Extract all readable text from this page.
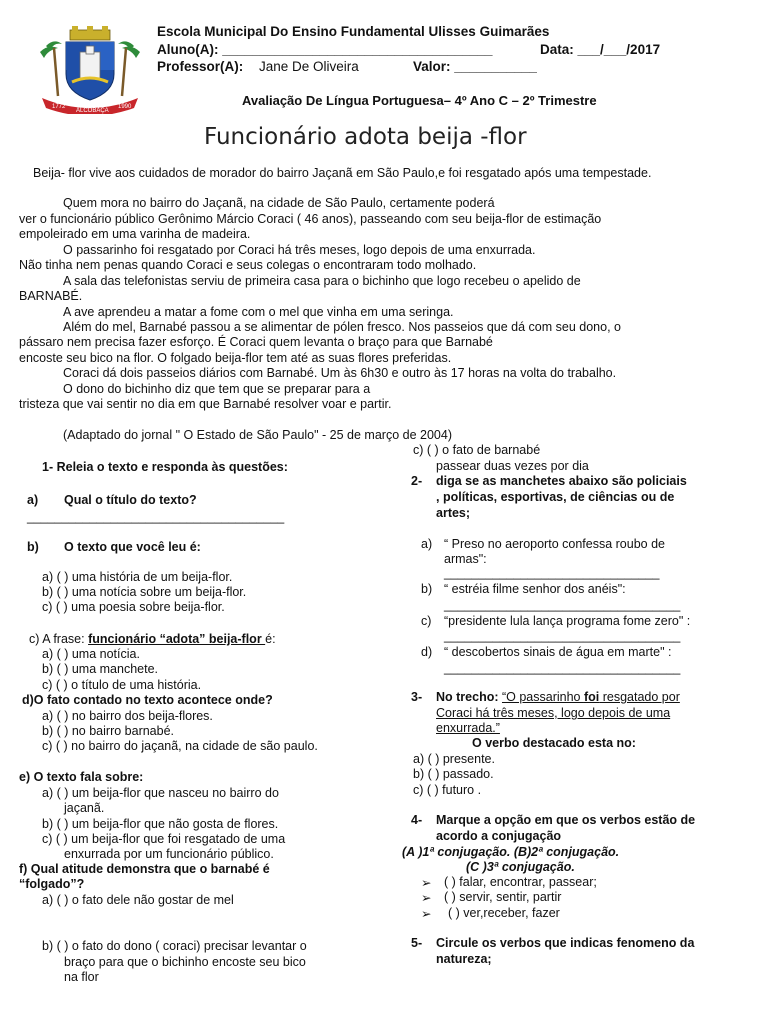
1772
ALCOBAÇA
1990
Escola Municipal Do Ensino Fundamental Ulisses Guimarães
Aluno(A): ____________________________________	Data: ___/___/2017
Professor(A): Jane De Oliveira	Valor: ___________
Avaliação De Língua Portuguesa– 4º Ano C – 2º Trimestre
Funcionário adota beija -flor
Beija- flor vive aos cuidados de morador do bairro Jaçanã em São Paulo,e foi resgatado após uma tempestade.
Quem mora no bairro do Jaçanã, na cidade de São Paulo, certamente poderá
ver o funcionário público Gerônimo Márcio Coraci ( 46 anos), passeando com seu beija-flor de estimação
empoleirado em uma varinha de madeira.
O passarinho foi resgatado por Coraci há três meses, logo depois de uma enxurrada.
Não tinha nem penas quando Coraci e seus colegas o encontraram todo molhado.
A sala das telefonistas serviu de primeira casa para o bichinho que logo recebeu o apelido de
BARNABÉ.
A ave aprendeu a matar a fome com o mel que vinha em uma seringa.
Além do mel, Barnabé passou a se alimentar de pólen fresco. Nos passeios que dá com seu dono, o
pássaro nem precisa fazer esforço. É Coraci quem levanta o braço para que Barnabé
encoste seu bico na flor. O folgado beija-flor tem até as suas flores preferidas.
Coraci dá dois passeios diários com Barnabé. Um às 6h30 e outro às 17 horas na volta do trabalho.
O dono do bichinho diz que tem que se preparar para a
tristeza que vai sentir no dia em que Barnabé resolver voar e partir.
(Adaptado do jornal " O Estado de São Paulo" - 25 de março de 2004)
1- Releia o texto e responda às questões:
a) Qual o título do texto?
_____________________________________
b) O texto que você leu é:
a) ( ) uma história de um beija-flor.
b) ( ) uma notícia sobre um beija-flor.
c) ( ) uma poesia sobre beija-flor.
c) A frase: funcionário “adota” beija-flor é:
a) ( ) uma notícia.
b) ( ) uma manchete.
c) ( ) o título de uma história.
d)O fato contado no texto acontece onde?
a) ( ) no bairro dos beija-flores.
b) ( ) no bairro barnabé.
c) ( ) no bairro do jaçanã, na cidade de são paulo.
e) O texto fala sobre:
a) ( ) um beija-flor que nasceu no bairro do
jaçanã.
b) ( ) um beija-flor que não gosta de flores.
c) ( ) um beija-flor que foi resgatado de uma
enxurrada por um funcionário público.
f) Qual atitude demonstra que o barnabé é
“folgado”?
a) ( ) o fato dele não gostar de mel
b) ( ) o fato do dono ( coraci) precisar levantar o
braço para que o bichinho encoste seu bico
na flor
c) ( ) o fato de barnabé
passear duas vezes por dia
2- diga se as manchetes abaixo são policiais
, políticas, esportivas, de ciências ou de
artes;
a) “ Preso no aeroporto confessa roubo de
armas":
_______________________________
b) “ estréia filme senhor dos anéis":
__________________________________
c) “presidente lula lança programa fome zero" :
__________________________________
d) “ descobertos sinais de água em marte" :
__________________________________
3- No trecho: “O passarinho foi resgatado por
Coraci há três meses, logo depois de uma
enxurrada.”
O verbo destacado esta no:
a) ( ) presente.
b) ( ) passado.
c) ( ) futuro .
4- Marque a opção em que os verbos estão de
acordo a conjugação
(A )1ª conjugação. (B)2ª conjugação.
(C )3ª conjugação.
➢ ( ) falar, encontrar, passear;
➢ ( ) servir, sentir, partir
➢ ( ) ver,receber, fazer
5- Circule os verbos que indicas fenomeno da
natureza;
